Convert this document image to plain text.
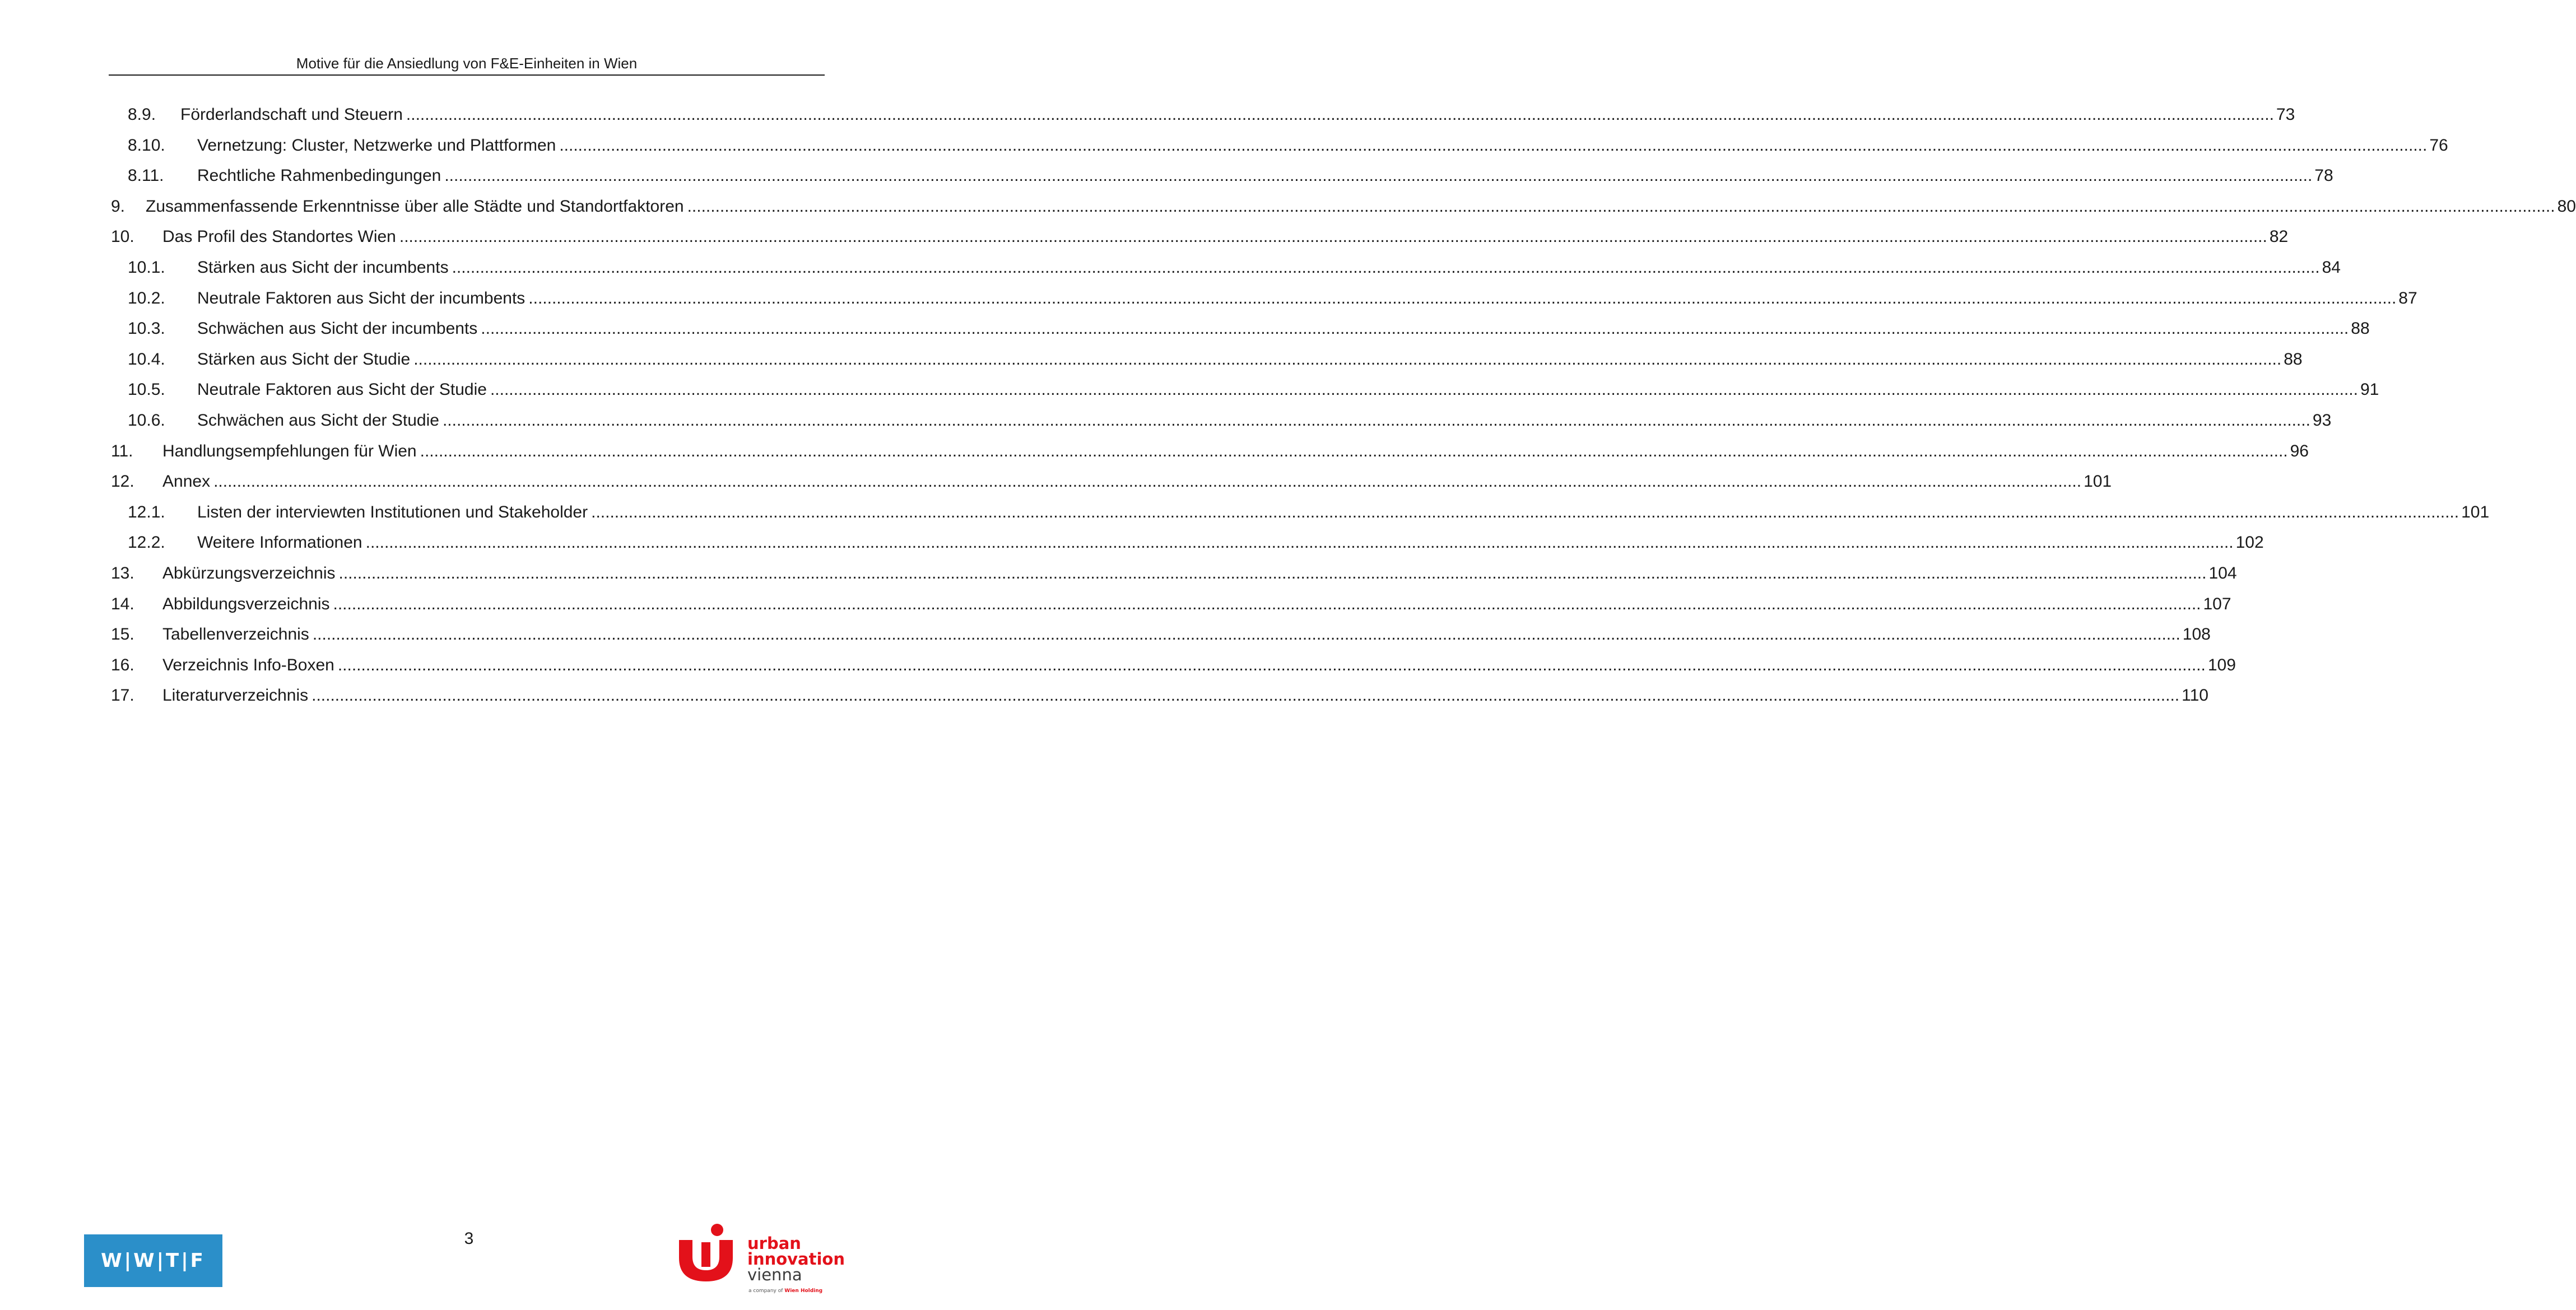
Motive für die Ansiedlung von F&E-Einheiten in Wien
8.9. Förderlandschaft und Steuern ................................................................................................................................................................................................................................................................................................................................................................................................................ 73
8.10. Vernetzung: Cluster, Netzwerke und Plattformen ................................................................................................................................................................................................................................................................................................................................................................................................................ 76
8.11. Rechtliche Rahmenbedingungen ................................................................................................................................................................................................................................................................................................................................................................................................................ 78
9. Zusammenfassende Erkenntnisse über alle Städte und Standortfaktoren ................................................................................................................................................................................................................................................................................................................................................................................................................ 80
10. Das Profil des Standortes Wien ................................................................................................................................................................................................................................................................................................................................................................................................................ 82
10.1. Stärken aus Sicht der incumbents ................................................................................................................................................................................................................................................................................................................................................................................................................ 84
10.2. Neutrale Faktoren aus Sicht der incumbents ................................................................................................................................................................................................................................................................................................................................................................................................................ 87
10.3. Schwächen aus Sicht der incumbents ................................................................................................................................................................................................................................................................................................................................................................................................................ 88
10.4. Stärken aus Sicht der Studie ................................................................................................................................................................................................................................................................................................................................................................................................................ 88
10.5. Neutrale Faktoren aus Sicht der Studie ................................................................................................................................................................................................................................................................................................................................................................................................................ 91
10.6. Schwächen aus Sicht der Studie ................................................................................................................................................................................................................................................................................................................................................................................................................ 93
11. Handlungsempfehlungen für Wien ................................................................................................................................................................................................................................................................................................................................................................................................................ 96
12. Annex ................................................................................................................................................................................................................................................................................................................................................................................................................ 101
12.1. Listen der interviewten Institutionen und Stakeholder ................................................................................................................................................................................................................................................................................................................................................................................................................ 101
12.2. Weitere Informationen ................................................................................................................................................................................................................................................................................................................................................................................................................ 102
13. Abkürzungsverzeichnis ................................................................................................................................................................................................................................................................................................................................................................................................................ 104
14. Abbildungsverzeichnis ................................................................................................................................................................................................................................................................................................................................................................................................................ 107
15. Tabellenverzeichnis ................................................................................................................................................................................................................................................................................................................................................................................................................ 108
16. Verzeichnis Info-Boxen ................................................................................................................................................................................................................................................................................................................................................................................................................ 109
17. Literaturverzeichnis ................................................................................................................................................................................................................................................................................................................................................................................................................ 110
3
W|W|T|F
urban
innovation
vienna
a company of Wien Holding
